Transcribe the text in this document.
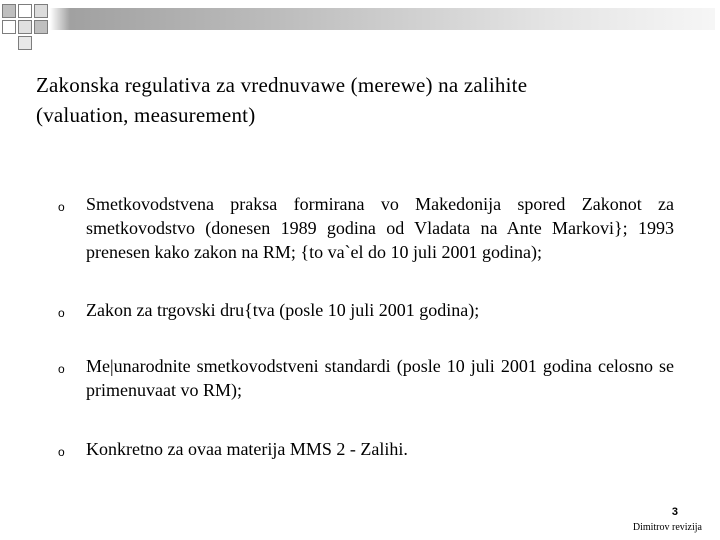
Zakonska regulativa za vrednuvawe (merewe) na zalihite
(valuation, measurement)
o	Smetkovodstvena praksa formirana vo Makedonija spored Zakonot za smetkovodstvo (donesen 1989 godina od Vladata na Ante Markovi}; 1993 prenesen kako zakon na RM; {to va`el do 10 juli 2001 godina);
o	Zakon za trgovski dru{tva (posle 10 juli 2001 godina);
o	Me|unarodnite smetkovodstveni standardi (posle 10 juli 2001 godina celosno se primenuvaat vo RM);
o	Konkretno za ovaa materija MMS 2 - Zalihi.
3
Dimitrov revizija
